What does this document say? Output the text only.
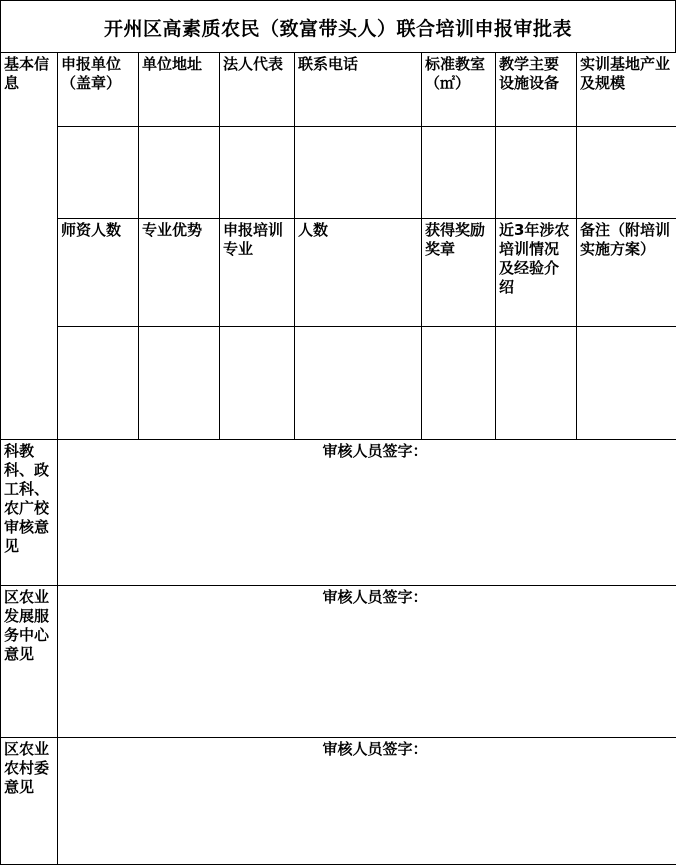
开州区高素质农民（致富带头人）联合培训申报审批表
基本信息	申报单位（盖章）	单位地址	法人代表	联系电话	标准教室（㎡）	教学主要设施设备	实训基地产业及规模

	师资人数	专业优势	申报培训专业	人数	获得奖励奖章	近3年涉农培训情况及经验介绍	备注（附培训实施方案）

科教科、政工科、农广校审核意见	审核人员签字：						
区农业发展服务中心意见	审核人员签字：						
区农业农村委意见	审核人员签字：						
